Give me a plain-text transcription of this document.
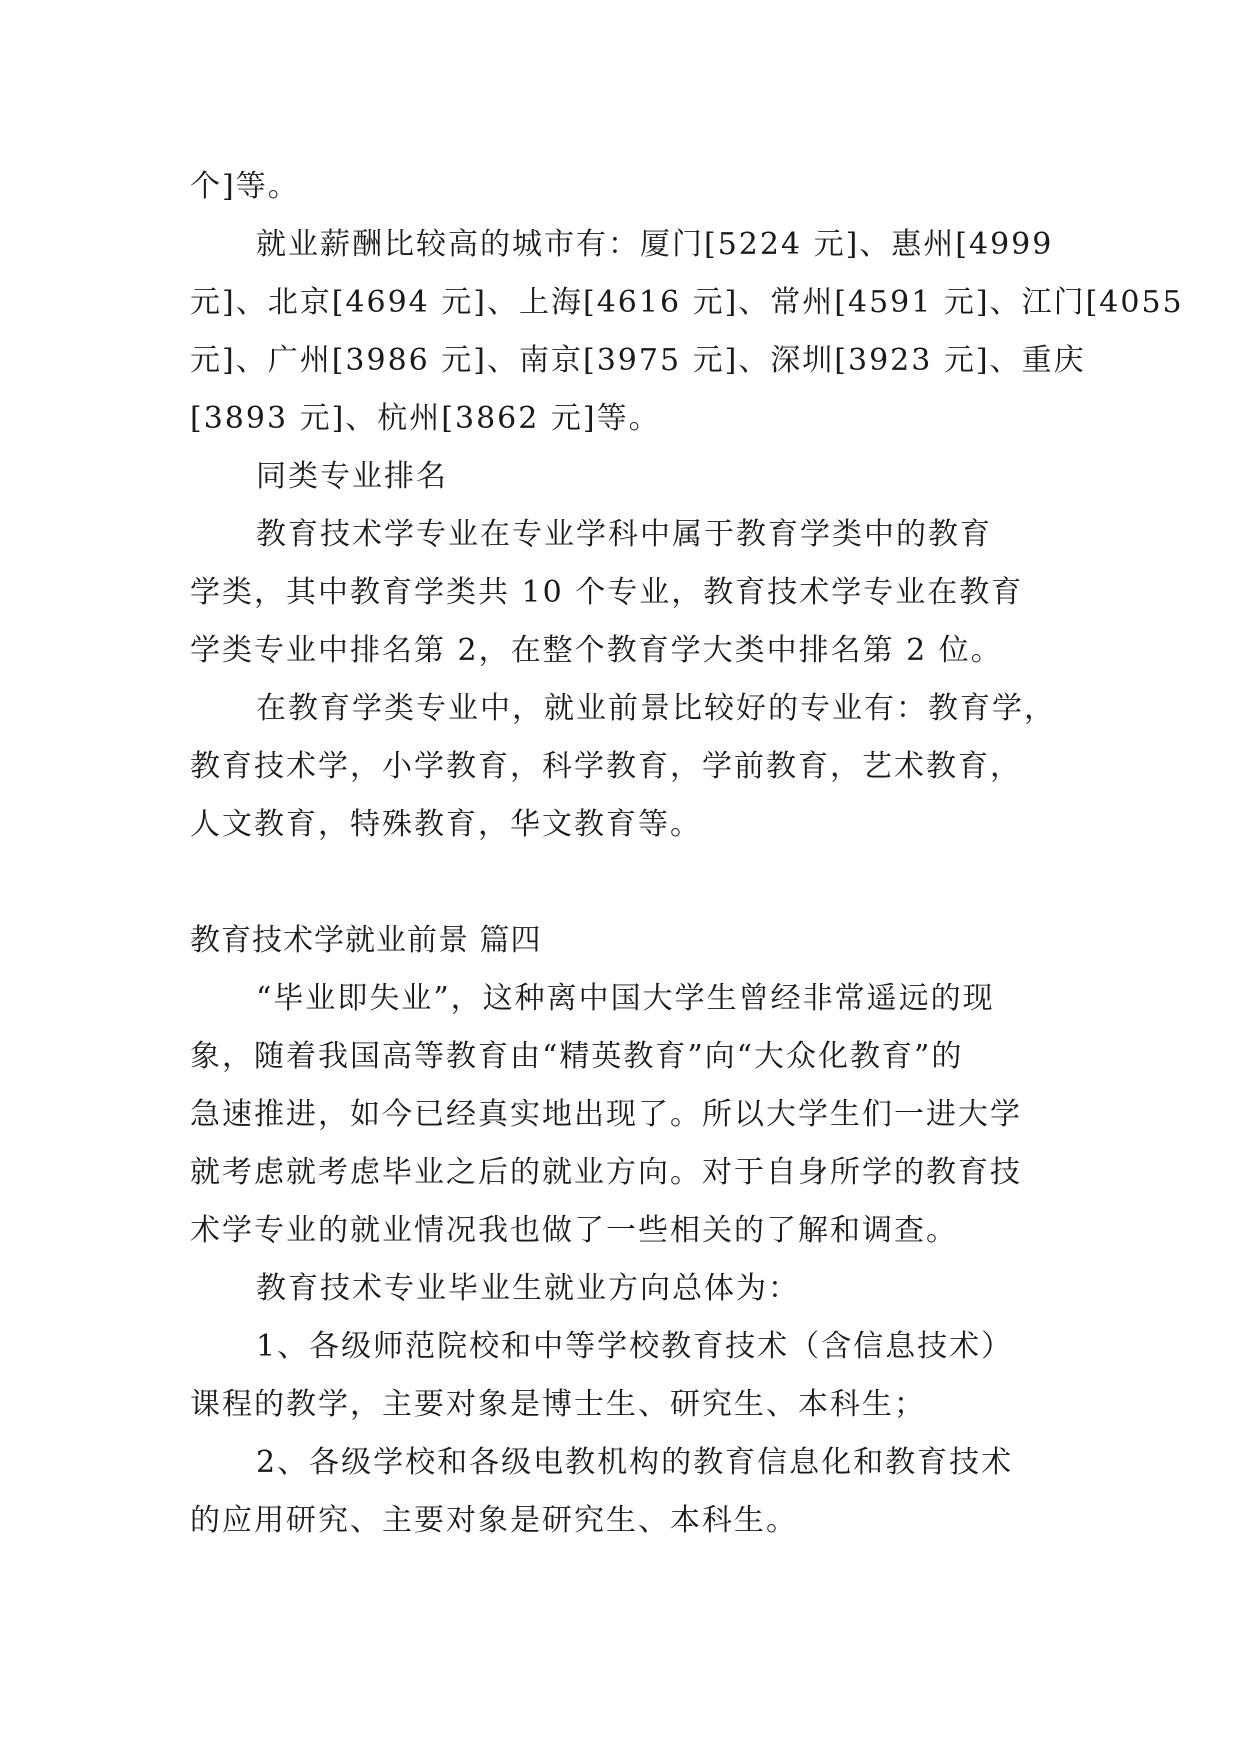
个]等。

就业薪酬比较高的城市有：厦门[5224 元]、惠州[4999

元]、北京[4694 元]、上海[4616 元]、常州[4591 元]、江门[4055

元]、广州[3986 元]、南京[3975 元]、深圳[3923 元]、重庆

[3893 元]、杭州[3862 元]等。

同类专业排名

教育技术学专业在专业学科中属于教育学类中的教育

学类，其中教育学类共 10 个专业，教育技术学专业在教育

学类专业中排名第 2，在整个教育学大类中排名第 2 位。

在教育学类专业中，就业前景比较好的专业有：教育学，

教育技术学，小学教育，科学教育，学前教育，艺术教育，

人文教育，特殊教育，华文教育等。

教育技术学就业前景 篇四

“毕业即失业”，这种离中国大学生曾经非常遥远的现

象，随着我国高等教育由“精英教育”向“大众化教育”的

急速推进，如今已经真实地出现了。所以大学生们一进大学

就考虑就考虑毕业之后的就业方向。对于自身所学的教育技

术学专业的就业情况我也做了一些相关的了解和调查。

教育技术专业毕业生就业方向总体为：

1、各级师范院校和中等学校教育技术（含信息技术）

课程的教学，主要对象是博士生、研究生、本科生；

2、各级学校和各级电教机构的教育信息化和教育技术

的应用研究、主要对象是研究生、本科生。
